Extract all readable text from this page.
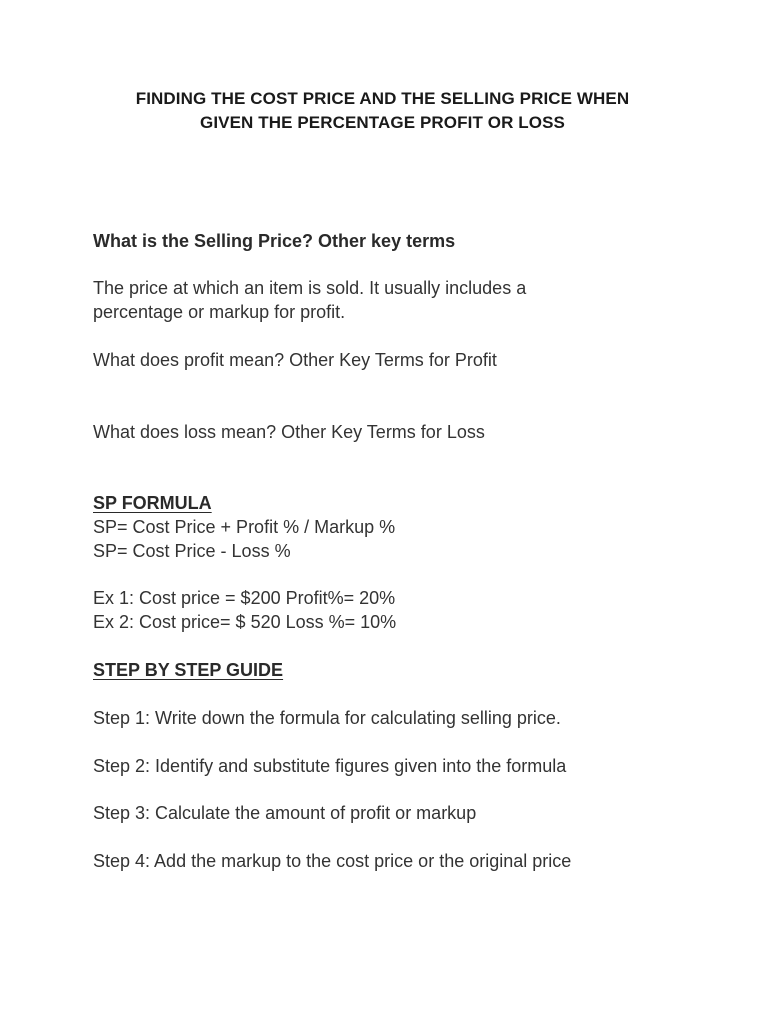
FINDING THE COST PRICE AND THE SELLING PRICE WHEN
GIVEN THE PERCENTAGE PROFIT OR LOSS
What is the Selling Price? Other key terms
The price at which an item is sold. It usually includes a
percentage or markup for profit.
What does profit mean? Other Key Terms for Profit
What does loss mean? Other Key Terms for Loss
SP FORMULA
SP= Cost Price + Profit % / Markup %
SP= Cost Price - Loss %
Ex 1: Cost price = $200 Profit%= 20%
Ex 2: Cost price= $ 520 Loss %= 10%
STEP BY STEP GUIDE
Step 1: Write down the formula for calculating selling price.
Step 2: Identify and substitute figures given into the formula
Step 3: Calculate the amount of profit or markup
Step 4: Add the markup to the cost price or the original price
